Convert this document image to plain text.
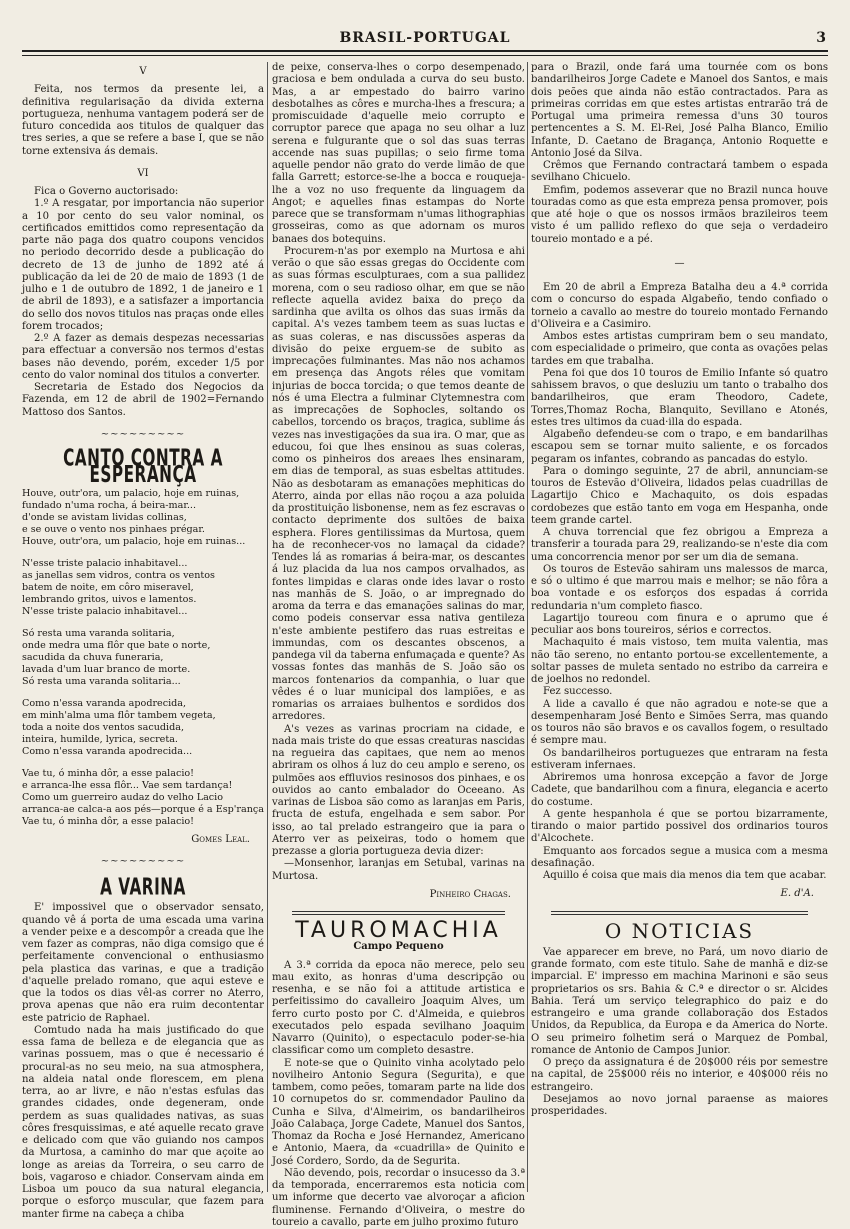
BRASIL-PORTUGAL	3
V

Feita, nos termos da presente lei, a definitiva regularisação da divida externa portugueza, nenhuma vantagem poderá ser de futuro concedida aos titulos de qualquer das tres series, a que se refere a base I, que se não torne extensiva ás demais.

VI

Fica o Governo auctorisado:

1.º A resgatar, por importancia não superior a 10 por cento do seu valor nominal, os certificados emittidos como representação da parte não paga dos quatro coupons vencidos no periodo decorrido desde a publicação do decreto de 13 de junho de 1892 até á publicação da lei de 20 de maio de 1893 (1 de julho e 1 de outubro de 1892, 1 de janeiro e 1 de abril de 1893), e a satisfazer a importancia do sello dos novos titulos nas praças onde elles forem trocados;

2.º A fazer as demais despezas necessarias para effectuar a conversão nos termos d'estas bases não devendo, porém, exceder 1/5 por cento do valor nominal dos titulos a converter.

Secretaria de Estado dos Negocios da Fazenda, em 12 de abril de 1902=Fernando Mattoso dos Santos.

~~~~~~~~~
CANTO CONTRA A ESPERANÇA
Houve, outr'ora, um palacio, hoje em ruinas,
fundado n'uma rocha, á beira-mar...
d'onde se avistam lividas collinas,
e se ouve o vento nos pinhaes prégar.
Houve, outr'ora, um palacio, hoje em ruinas...
N'esse triste palacio inhabitavel...
as janellas sem vidros, contra os ventos
batem de noite, em côro miseravel,
lembrando gritos, uivos e lamentos.
N'esse triste palacio inhabitavel...
Só resta uma varanda solitaria,
onde medra uma flôr que bate o norte,
sacudida da chuva funeraria,
lavada d'um luar branco de morte.
Só resta uma varanda solitaria...
Como n'essa varanda apodrecida,
em minh'alma uma flôr tambem vegeta,
toda a noite dos ventos sacudida,
inteira, humilde, lyrica, secreta.
Como n'essa varanda apodrecida...
Vae tu, ó minha dôr, a esse palacio!
e arranca-lhe essa flôr... Vae sem tardança!
Como um guerreiro audaz do velho Lacio
arranca-ae calca-a aos pés—porque é a Esp'rança
Vae tu, ó minha dôr, a esse palacio!
Gomes Leal.
~~~~~~~~~
A VARINA

E' impossivel que o observador sensato, quando vê á porta de uma escada uma varina a vender peixe e a descompôr a creada que lhe vem fazer as compras, não diga comsigo que é perfeitamente convencional o enthusiasmo pela plastica das varinas, e que a tradição d'aquelle prelado romano, que aqui esteve e que la todos os dias vêl-as correr no Aterro, prova apenas que não era ruim decontentar este patricio de Raphael.

Comtudo nada ha mais justificado do que essa fama de belleza e de elegancia que as varinas possuem, mas o que é necessario é procural-as no seu meio, na sua atmosphera, na aldeia natal onde florescem, em plena terra, ao ar livre, e não n'estas esfulas das grandes cidades, onde degeneram, onde perdem as suas qualidades nativas, as suas côres fresquissimas, e até aquelle recato grave e delicado com que vão guiando nos campos da Murtosa, a caminho do mar que açoite ao longe as areias da Torreira, o seu carro de bois, vagaroso e chiador. Conservam ainda em Lisboa um pouco da sua natural elegancia, porque o esforço muscular, que fazem para manter firme na cabeça a chiba

de peixe, conserva-lhes o corpo desempenado, graciosa e bem ondulada a curva do seu busto. Mas, a ar empestado do bairro varino desbotalhes as côres e murcha-lhes a frescura; a promiscuidade d'aquelle meio corrupto e corruptor parece que apaga no seu olhar a luz serena e fulgurante que o sol das suas terras accende nas suas pupillas; o seio firme toma aquelle pendor não grato do verde limão de que falla Garrett; estorce-se-lhe a bocca e rouqueja-lhe a voz no uso frequente da linguagem da Angot; e aquelles finas estampas do Norte parece que se transformam n'umas lithographias grosseiras, como as que adornam os muros banaes dos botequins.

Procurem-n'as por exemplo na Murtosa e ahi verão o que são essas gregas do Occidente com as suas fórmas esculpturaes, com a sua pallidez morena, com o seu radioso olhar, em que se não reflecte aquella avidez baixa do preço da sardinha que avilta os olhos das suas irmãs da capital. A's vezes tambem teem as suas luctas e as suas coleras, e nas discussões asperas da divisão do peixe erguem-se de subito as imprecações fulminantes. Mas não nos achamos em presença das Angots réles que vomitam injurias de bocca torcida; o que temos deante de nós é uma Electra a fulminar Clytemnestra com as imprecações de Sophocles, soltando os cabellos, torcendo os braços, tragica, sublime ás vezes nas investigações da sua ira. O mar, que as educou, foi que lhes ensinou as suas coleras, como os pinheiros dos areaes lhes ensinaram, em dias de temporal, as suas esbeltas attitudes. Não as desbotaram as emanações mephiticas do Aterro, ainda por ellas não roçou a aza poluida da prostituição lisbonense, nem as fez escravas o contacto deprimente dos sultões de baixa esphera. Flores gentilissimas da Murtosa, quem ha de reconhecer-vos no lamaçal da cidade? Tendes lá as romarias á beira-mar, os descantes á luz placida da lua nos campos orvalhados, as fontes limpidas e claras onde ides lavar o rosto nas manhãs de S. João, o ar impregnado do aroma da terra e das emanações salinas do mar, como podeis conservar essa nativa gentileza n'este ambiente pestifero das ruas estreitas e immundas, com os descantes obscenos, a pandega vil da taberna enfumaçada e quente? As vossas fontes das manhãs de S. João são os marcos fontenarios da companhia, o luar que vêdes é o luar municipal dos lampiões, e as romarias os arraiaes bulhentos e sordidos dos arredores.

A's vezes as varinas procriam na cidade, e nada mais triste do que essas creaturas nascidas na regueira das capitaes, que nem ao menos abriram os olhos á luz do ceu amplo e sereno, os pulmões aos effluvios resinosos dos pinhaes, e os ouvidos ao canto embalador do Oceeano. As varinas de Lisboa são como as laranjas em Paris, fructa de estufa, engelhada e sem sabor. Por isso, ao tal prelado estrangeiro que ia para o Aterro ver as peixeiras, todo o homem que prezasse a gloria portugueza devia dizer:

—Monsenhor, laranjas em Setubal, varinas na Murtosa.

Pinheiro Chagas.
TAUROMACHIA
Campo Pequeno

A 3.ª corrida da epoca não merece, pelo seu mau exito, as honras d'uma descripção ou resenha, e se não foi a attitude artistica e perfeitissimo do cavalleiro Joaquim Alves, um ferro curto posto por C. d'Almeida, e quiebros executados pelo espada sevilhano Joaquim Navarro (Quinito), o espectaculo poder-se-hia classificar como um completo desastre.

E note-se que o Quinito vinha acolytado pelo novilheiro Antonio Segura (Segurita), e que tambem, como peões, tomaram parte na lide dos 10 cornupetos do sr. commendador Paulino da Cunha e Silva, d'Almeirim, os bandarilheiros João Calabaça, Jorge Cadete, Manuel dos Santos, Thomaz da Rocha e José Hernandez, Americano e Antonio, Maera, da «cuadrilla» de Quinito e José Cordero, Sordo, da de Segurita.

Não devendo, pois, recordar o insucesso da 3.ª da temporada, encerraremos esta noticia com um informe que decerto vae alvoroçar a aficion fluminense. Fernando d'Oliveira, o mestre do toureio a cavallo, parte em julho proximo futuro

para o Brazil, onde fará uma tournée com os bons bandarilheiros Jorge Cadete e Manoel dos Santos, e mais dois peões que ainda não estão contractados. Para as primeiras corridas em que estes artistas entrarão trá de Portugal uma primeira remessa d'uns 30 touros pertencentes a S. M. El-Rei, José Palha Blanco, Emilio Infante, D. Caetano de Bragança, Antonio Roquette e Antonio José da Silva.

Crêmos que Fernando contractará tambem o espada sevilhano Chicuelo.

Emfim, podemos asseverar que no Brazil nunca houve touradas como as que esta empreza pensa promover, pois que até hoje o que os nossos irmãos brazileiros teem visto é um pallido reflexo do que seja o verdadeiro toureio montado e a pé.

—

Em 20 de abril a Empreza Batalha deu a 4.ª corrida com o concurso do espada Algabeño, tendo confiado o torneio a cavallo ao mestre do toureio montado Fernando d'Oliveira e a Casimiro.

Ambos estes artistas cumpriram bem o seu mandato, com especialidade o primeiro, que conta as ovações pelas tardes em que trabalha.

Pena foi que dos 10 touros de Emilio Infante só quatro sahissem bravos, o que desluziu um tanto o trabalho dos bandarilheiros, que eram Theodoro, Cadete, Torres,Thomaz Rocha, Blanquito, Sevillano e Atonés, estes tres ultimos da cuad·illa do espada.

Algabeño defendeu-se com o trapo, e em bandarilhas escapou sem se tornar muito saliente, e os forcados pegaram os infantes, cobrando as pancadas do estylo.

Para o domingo seguinte, 27 de abril, annunciam-se touros de Estevão d'Oliveira, lidados pelas cuadrillas de Lagartijo Chico e Machaquito, os dois espadas cordobezes que estão tanto em voga em Hespanha, onde teem grande cartel.

A chuva torrencial que fez obrigou a Empreza a transferir a tourada para 29, realizando-se n'este dia com uma concorrencia menor por ser um dia de semana.

Os touros de Estevão sahiram uns malessos de marca, e só o ultimo é que marrou mais e melhor; se não fôra a boa vontade e os esforços dos espadas á corrida redundaria n'um completo fiasco.

Lagartijo toureou com finura e o aprumo que é peculiar aos bons toureiros, sérios e correctos.

Machaquito é mais vistoso, tem muita valentia, mas não tão sereno, no entanto portou-se excellentemente, a soltar passes de muleta sentado no estribo da carreira e de joelhos no redondel.

Fez successo.

A lide a cavallo é que não agradou e note-se que a desempenharam José Bento e Simões Serra, mas quando os touros não são bravos e os cavallos fogem, o resultado é sempre mau.

Os bandarilheiros portuguezes que entraram na festa estiveram infernaes.

Abriremos uma honrosa excepção a favor de Jorge Cadete, que bandarilhou com a finura, elegancia e acerto do costume.

A gente hespanhola é que se portou bizarramente, tirando o maior partido possivel dos ordinarios touros d'Alcochete.

Emquanto aos forcados segue a musica com a mesma desafinação.

Aquillo é coisa que mais dia menos dia tem que acabar.

E. d'A.
O NOTICIAS

Vae apparecer em breve, no Pará, um novo diario de grande formato, com este titulo. Sahe de manhã e diz-se imparcial. E' impresso em machina Marinoni e são seus proprietarios os srs. Bahia & C.ª e director o sr. Alcides Bahia. Terá um serviço telegraphico do paiz e do estrangeiro e uma grande collaboração dos Estados Unidos, da Republica, da Europa e da America do Norte. O seu primeiro folhetim será o Marquez de Pombal, romance de Antonio de Campos Junior.

O preço da assignatura é de 20$000 réis por semestre na capital, de 25$000 réis no interior, e 40$000 réis no estrangeiro.

Desejamos ao novo jornal paraense as maiores prosperidades.
